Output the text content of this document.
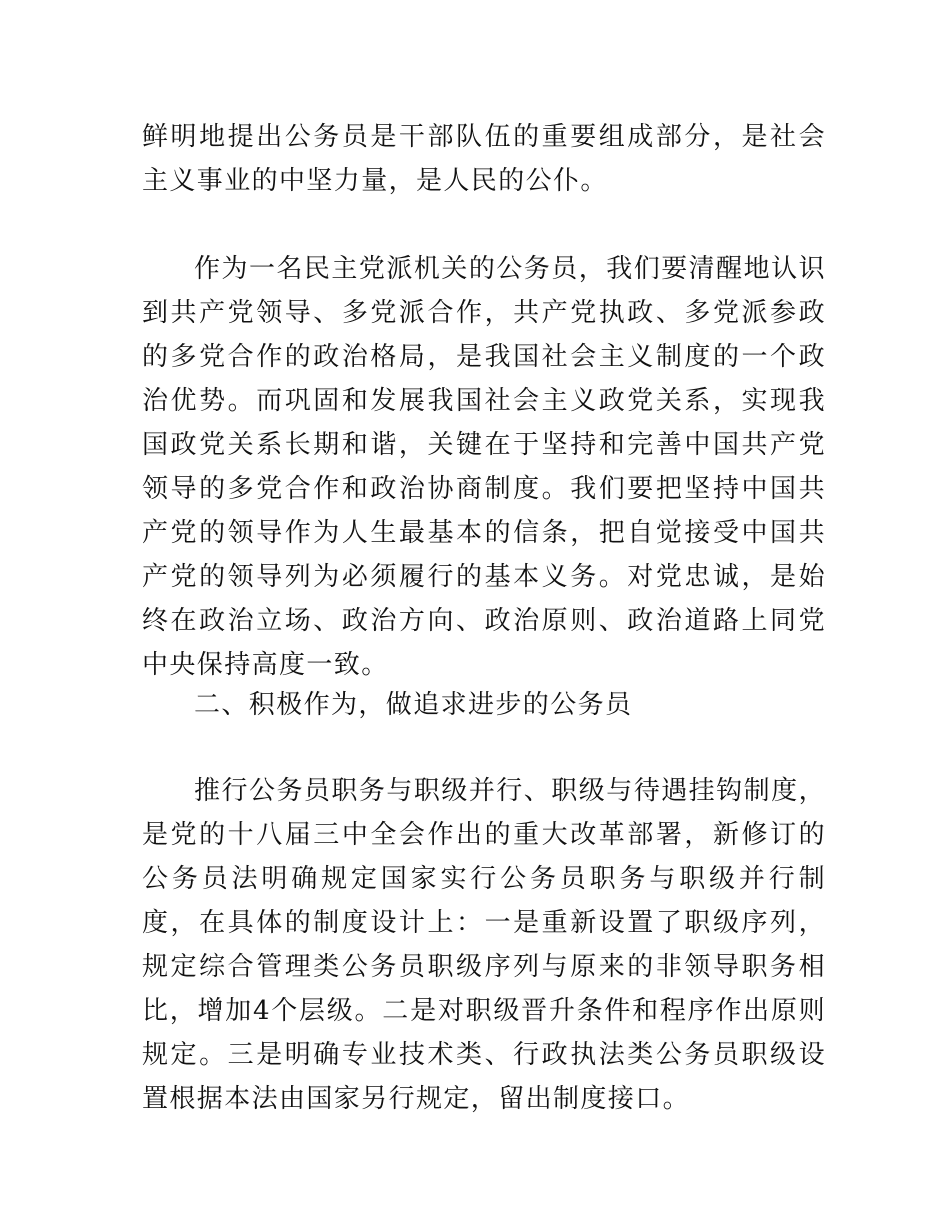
鲜明地提出公务员是干部队伍的重要组成部分，是社会主义事业的中坚力量，是人民的公仆。

作为一名民主党派机关的公务员，我们要清醒地认识到共产党领导、多党派合作，共产党执政、多党派参政的多党合作的政治格局，是我国社会主义制度的一个政治优势。而巩固和发展我国社会主义政党关系，实现我国政党关系长期和谐，关键在于坚持和完善中国共产党领导的多党合作和政治协商制度。我们要把坚持中国共产党的领导作为人生最基本的信条，把自觉接受中国共产党的领导列为必须履行的基本义务。对党忠诚，是始终在政治立场、政治方向、政治原则、政治道路上同党中央保持高度一致。

二、积极作为，做追求进步的公务员

推行公务员职务与职级并行、职级与待遇挂钩制度，是党的十八届三中全会作出的重大改革部署，新修订的公务员法明确规定国家实行公务员职务与职级并行制度，在具体的制度设计上：一是重新设置了职级序列，规定综合管理类公务员职级序列与原来的非领导职务相比，增加4个层级。二是对职级晋升条件和程序作出原则规定。三是明确专业技术类、行政执法类公务员职级设置根据本法由国家另行规定，留出制度接口。
